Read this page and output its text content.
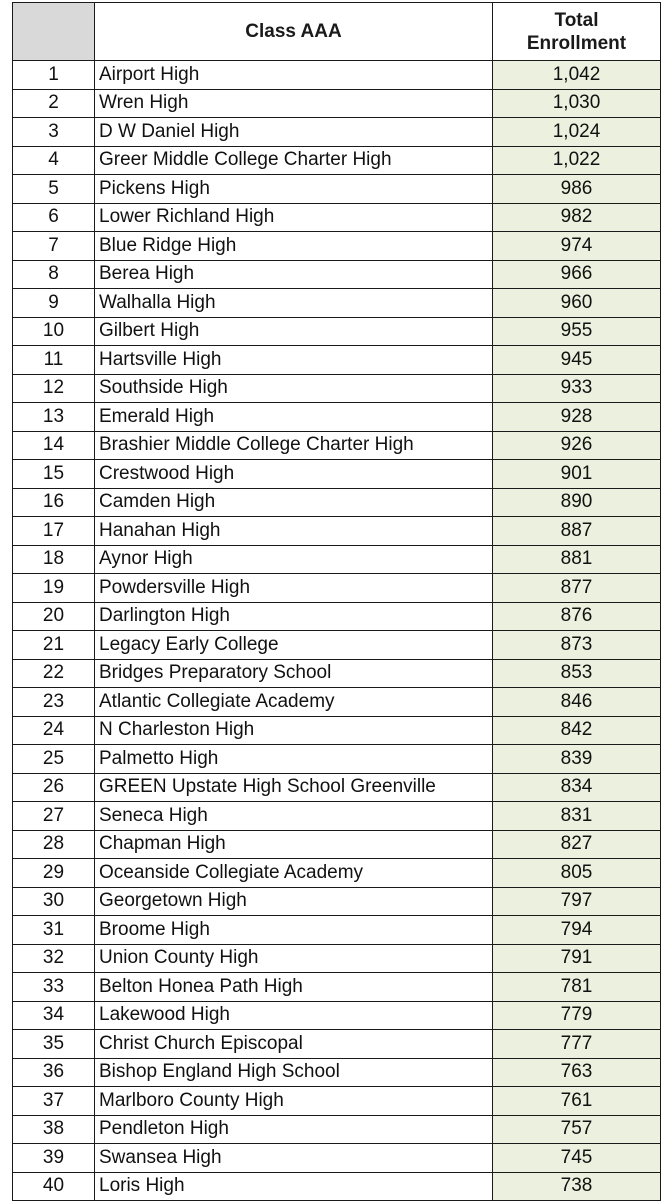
	Class AAA	Total
Enrollment
1	Airport High	1,042
2	Wren High	1,030
3	D W Daniel High	1,024
4	Greer Middle College Charter High	1,022
5	Pickens High	986
6	Lower Richland High	982
7	Blue Ridge High	974
8	Berea High	966
9	Walhalla High	960
10	Gilbert High	955
11	Hartsville High	945
12	Southside High	933
13	Emerald High	928
14	Brashier Middle College Charter High	926
15	Crestwood High	901
16	Camden High	890
17	Hanahan High	887
18	Aynor High	881
19	Powdersville High	877
20	Darlington High	876
21	Legacy Early College	873
22	Bridges Preparatory School	853
23	Atlantic Collegiate Academy	846
24	N Charleston High	842
25	Palmetto High	839
26	GREEN Upstate High School Greenville	834
27	Seneca High	831
28	Chapman High	827
29	Oceanside Collegiate Academy	805
30	Georgetown High	797
31	Broome High	794
32	Union County High	791
33	Belton Honea Path High	781
34	Lakewood High	779
35	Christ Church Episcopal	777
36	Bishop England High School	763
37	Marlboro County High	761
38	Pendleton High	757
39	Swansea High	745
40	Loris High	738
